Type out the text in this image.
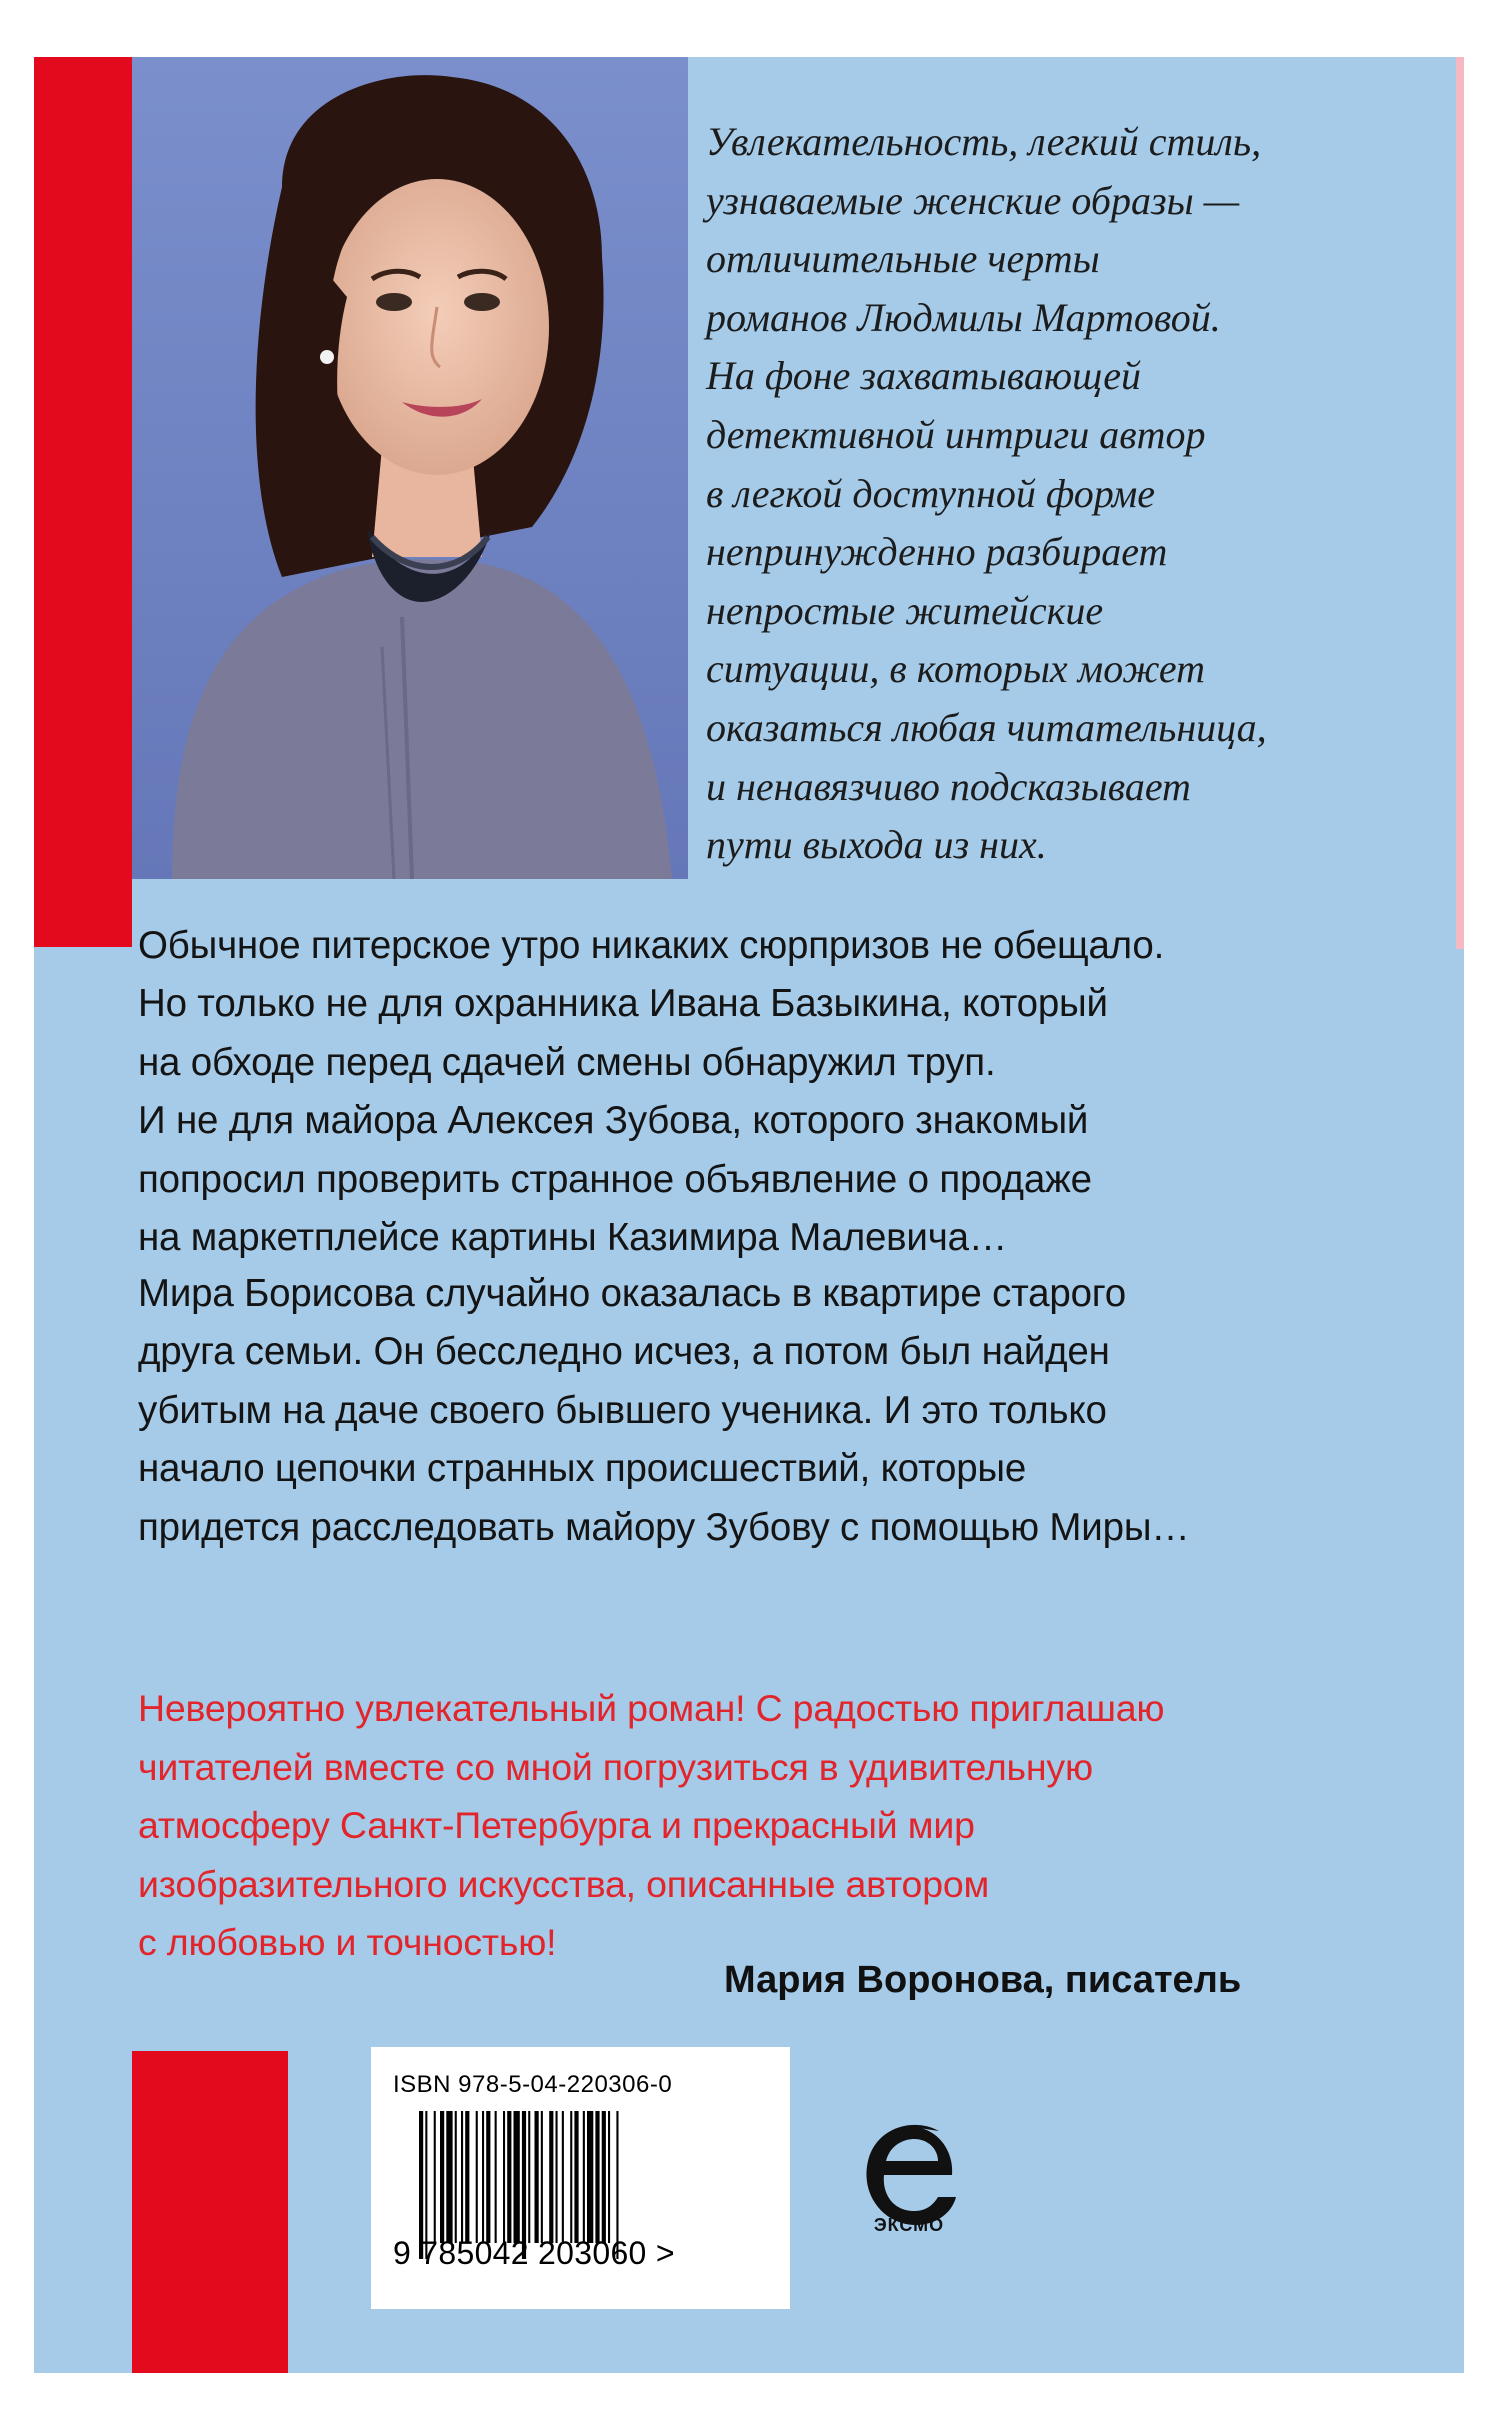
Увлекательность, легкий стиль,
узнаваемые женские образы —
отличительные черты
романов Людмилы Мартовой.
На фоне захватывающей
детективной интриги автор
в легкой доступной форме
непринужденно разбирает
непростые житейские
ситуации, в которых может
оказаться любая читательница,
и ненавязчиво подсказывает
пути выхода из них.
Обычное питерское утро никаких сюрпризов не обещало.
Но только не для охранника Ивана Базыкина, который
на обходе перед сдачей смены обнаружил труп.
И не для майора Алексея Зубова, которого знакомый
попросил проверить странное объявление о продаже
на маркетплейсе картины Казимира Малевича…
Мира Борисова случайно оказалась в квартире старого
друга семьи. Он бесследно исчез, а потом был найден
убитым на даче своего бывшего ученика. И это только
начало цепочки странных происшествий, которые
придется расследовать майору Зубову с помощью Миры…
Невероятно увлекательный роман! С радостью приглашаю
читателей вместе со мной погрузиться в удивительную
атмосферу Санкт-Петербурга и прекрасный мир
изобразительного искусства, описанные автором
с любовью и точностью!
Мария Воронова, писатель
ISBN 978-5-04-220306-0
9 785042 203060 >
ЭКСМО
